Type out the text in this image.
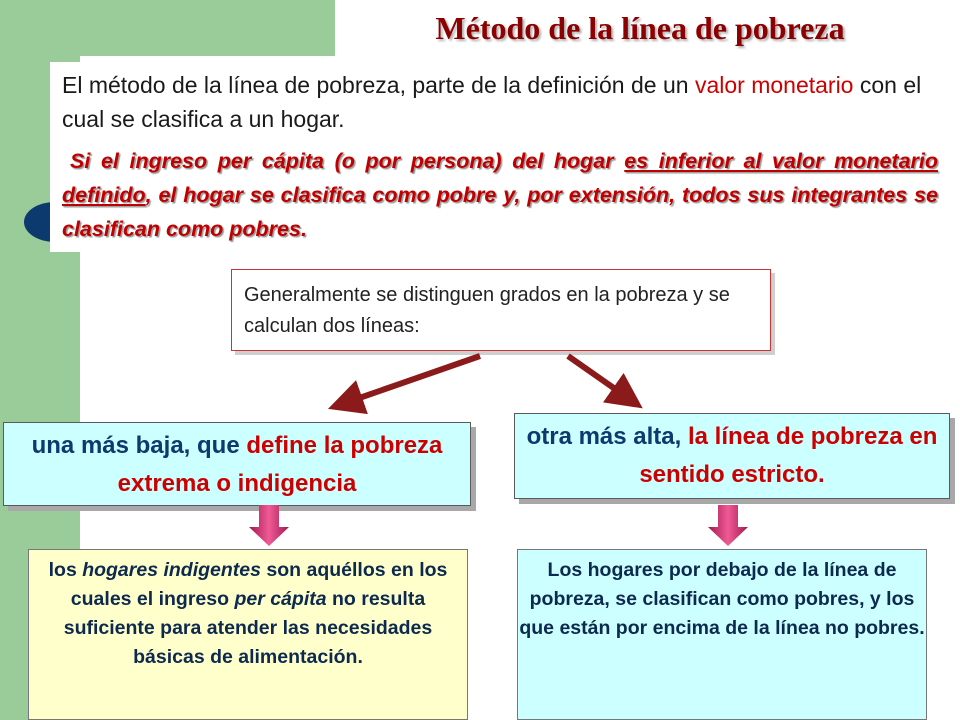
Método de la línea de pobreza
El método de la línea de pobreza, parte de la definición de un valor monetario con el cual se clasifica a un hogar.
Si el ingreso per cápita (o por persona) del hogar es inferior al valor monetario definido, el hogar se clasifica como pobre y, por extensión, todos sus integrantes se clasifican como pobres.
Generalmente se distinguen grados en la pobreza y se calculan dos líneas:
una más baja, que define la pobreza extrema o indigencia
otra más alta, la línea de pobreza en sentido estricto.
los hogares indigentes son aquéllos en los cuales el ingreso per cápita no resulta suficiente para atender las necesidades básicas de alimentación.
Los hogares por debajo de la línea de pobreza, se clasifican como pobres, y los que están por encima de la línea no pobres.
